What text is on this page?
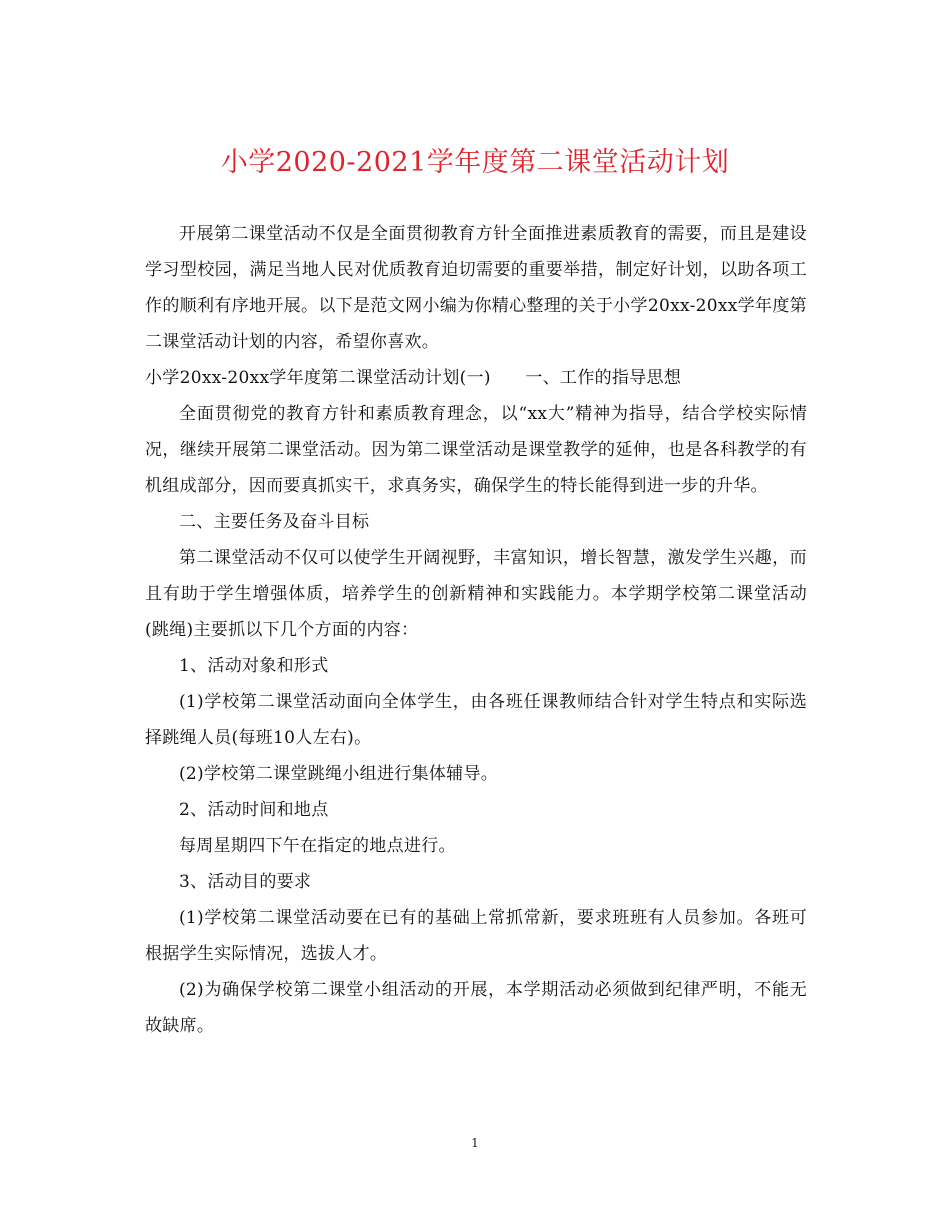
小学2020-2021学年度第二课堂活动计划

开展第二课堂活动不仅是全面贯彻教育方针全面推进素质教育的需要，而且是建设学习型校园，满足当地人民对优质教育迫切需要的重要举措，制定好计划，以助各项工作的顺利有序地开展。以下是范文网小编为你精心整理的关于小学20xx-20xx学年度第二课堂活动计划的内容，希望你喜欢。

小学20xx-20xx学年度第二课堂活动计划(一)　　一、工作的指导思想

全面贯彻党的教育方针和素质教育理念，以“xx大”精神为指导，结合学校实际情况，继续开展第二课堂活动。因为第二课堂活动是课堂教学的延伸，也是各科教学的有机组成部分，因而要真抓实干，求真务实，确保学生的特长能得到进一步的升华。

二、主要任务及奋斗目标

第二课堂活动不仅可以使学生开阔视野，丰富知识，增长智慧，激发学生兴趣，而且有助于学生增强体质，培养学生的创新精神和实践能力。本学期学校第二课堂活动(跳绳)主要抓以下几个方面的内容：

1、活动对象和形式

(1)学校第二课堂活动面向全体学生，由各班任课教师结合针对学生特点和实际选择跳绳人员(每班10人左右)。

(2)学校第二课堂跳绳小组进行集体辅导。

2、活动时间和地点

每周星期四下午在指定的地点进行。

3、活动目的要求

(1)学校第二课堂活动要在已有的基础上常抓常新，要求班班有人员参加。各班可根据学生实际情况，选拔人才。

(2)为确保学校第二课堂小组活动的开展，本学期活动必须做到纪律严明，不能无故缺席。

1
